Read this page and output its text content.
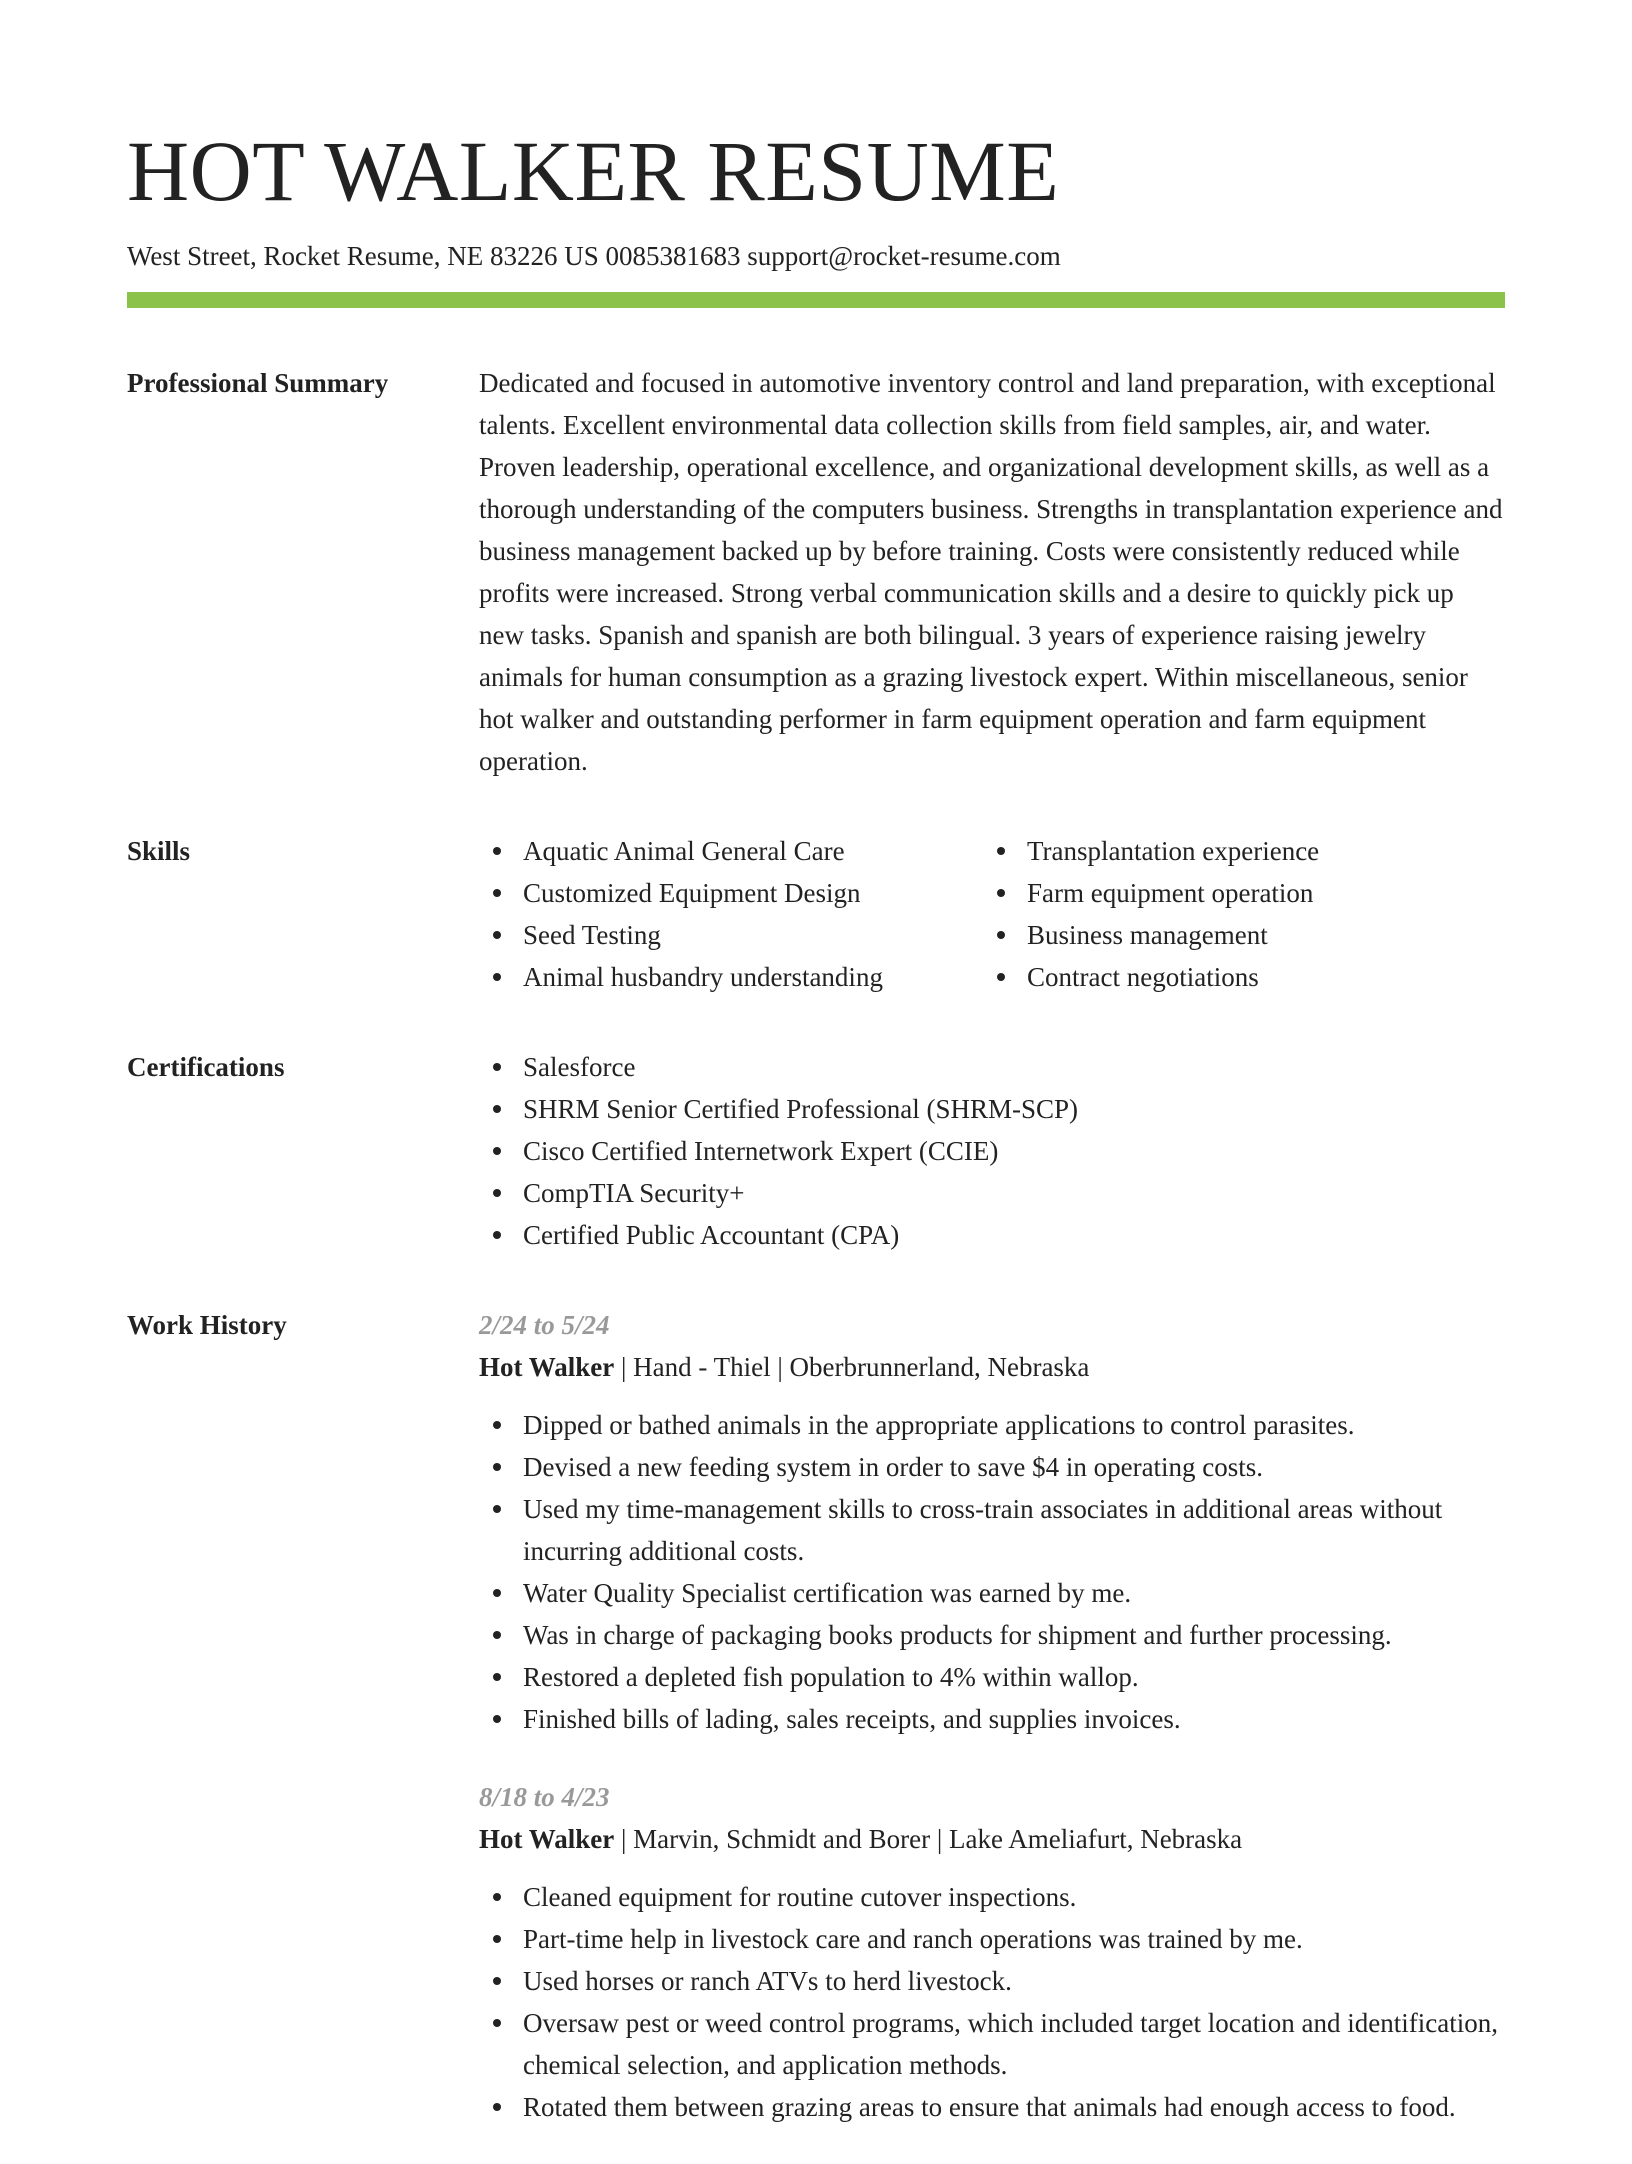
HOT WALKER RESUME
West Street, Rocket Resume, NE 83226 US 0085381683 support@rocket-resume.com
Professional Summary	Dedicated and focused in automotive inventory control and land preparation, with exceptional talents. Excellent environmental data collection skills from field samples, air, and water. Proven leadership, operational excellence, and organizational development skills, as well as a thorough understanding of the computers business. Strengths in transplantation experience and business management backed up by before training. Costs were consistently reduced while profits were increased. Strong verbal communication skills and a desire to quickly pick up new tasks. Spanish and spanish are both bilingual. 3 years of experience raising jewelry animals for human consumption as a grazing livestock expert. Within miscellaneous, senior hot walker and outstanding performer in farm equipment operation and farm equipment operation.

Skills	Aquatic Animal General Care
Customized Equipment Design
Seed Testing
Animal husbandry understanding
Transplantation experience
Farm equipment operation
Business management
Contract negotiations
Certifications	Salesforce
SHRM Senior Certified Professional (SHRM-SCP)
Cisco Certified Internetwork Expert (CCIE)
CompTIA Security+
Certified Public Accountant (CPA)
Work History	2/24 to 5/24
Hot Walker | Hand - Thiel | Oberbrunnerland, Nebraska
Dipped or bathed animals in the appropriate applications to control parasites.
Devised a new feeding system in order to save $4 in operating costs.
Used my time-management skills to cross-train associates in additional areas without incurring additional costs.
Water Quality Specialist certification was earned by me.
Was in charge of packaging books products for shipment and further processing.
Restored a depleted fish population to 4% within wallop.
Finished bills of lading, sales receipts, and supplies invoices.
8/18 to 4/23
Hot Walker | Marvin, Schmidt and Borer | Lake Ameliafurt, Nebraska
Cleaned equipment for routine cutover inspections.
Part-time help in livestock care and ranch operations was trained by me.
Used horses or ranch ATVs to herd livestock.
Oversaw pest or weed control programs, which included target location and identification, chemical selection, and application methods.
Rotated them between grazing areas to ensure that animals had enough access to food.
